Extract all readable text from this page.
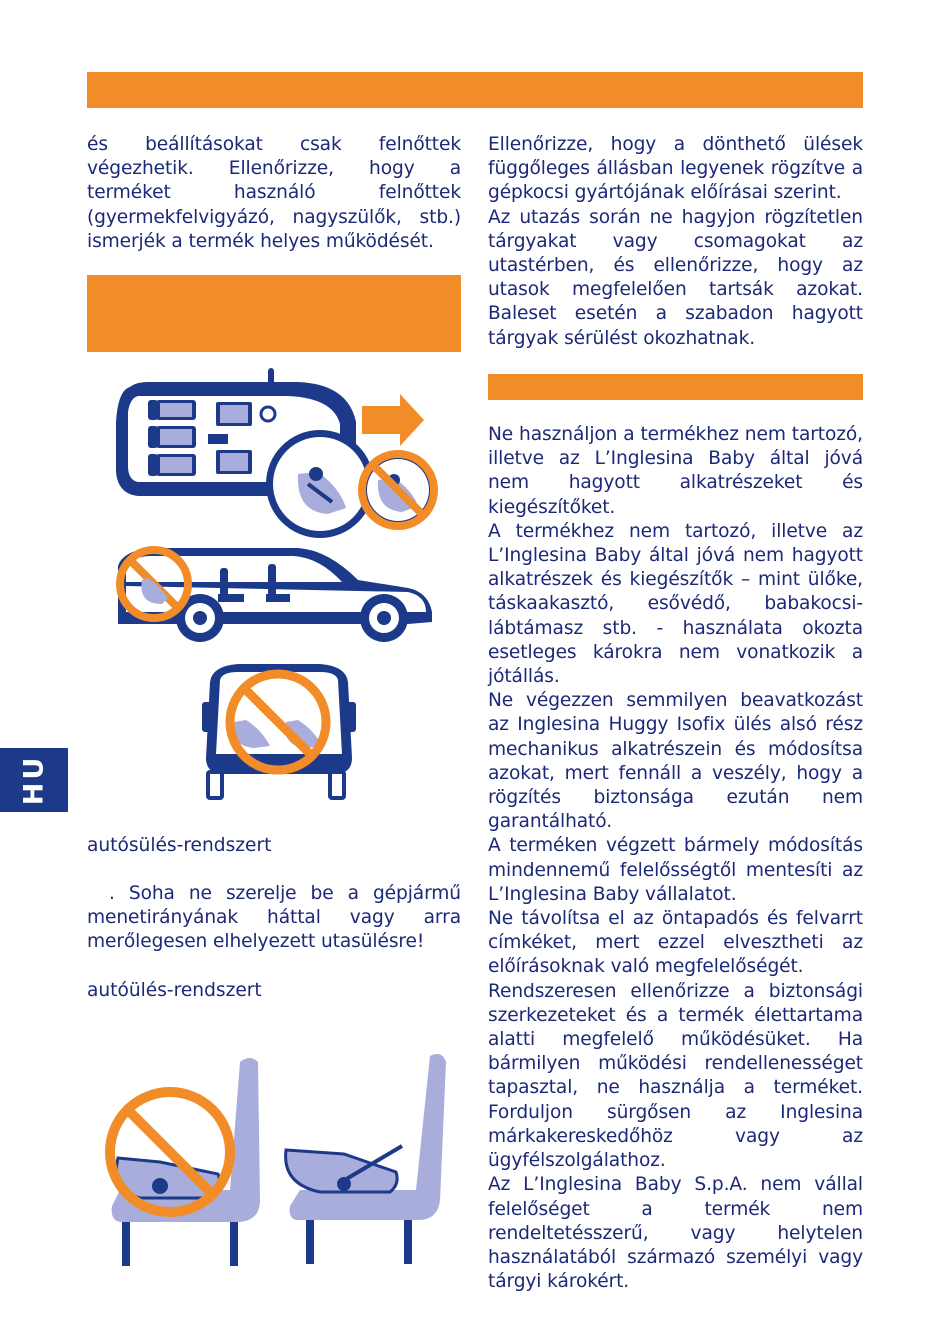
és beállításokat csak felnőttek végezhetik. Ellenőrizze, hogy a terméket használó felnőttek (gyermekfelvigyázó, nagyszülők, stb.) ismerjék a termék helyes működését.

Ellenőrizze, hogy a dönthető ülések függőleges állásban legyenek rögzítve a gépkocsi gyártójának előírásai szerint.

Az utazás során ne hagyjon rögzítetlen tárgyakat vagy csomagokat az utastérben, és ellenőrizze, hogy az utasok megfelelően tartsák azokat. Baleset esetén a szabadon hagyott tárgyak sérülést okozhatnak.

Ne használjon a termékhez nem tartozó, illetve az L’Inglesina Baby által jóvá nem hagyott alkatrészeket és kiegészítőket.

A termékhez nem tartozó, illetve az L’Inglesina Baby által jóvá nem hagyott alkatrészek és kiegészítők – mint ülőke, táskaakasztó, esővédő, babakocsi-lábtámasz stb. - használata okozta esetleges károkra nem vonatkozik a jótállás.

Ne végezzen semmilyen beavatkozást az Inglesina Huggy Isofix ülés alsó rész mechanikus alkatrészein és módosítsa azokat, mert fennáll a veszély, hogy a rögzítés biztonsága ezután nem garantálható.

A terméken végzett bármely módosítás mindennemű felelősségtől mentesíti az L’Inglesina Baby vállalatot.

Ne távolítsa el az öntapadós és felvarrt címkéket, mert ezzel elvesztheti az előírásoknak való megfelelőségét.

Rendszeresen ellenőrizze a biztonsági szerkezeteket és a termék élettartama alatti megfelelő működésüket. Ha bármilyen működési rendellenességet tapasztal, ne használja a terméket. Forduljon sürgősen az Inglesina márkakereskedőhöz vagy az ügyfélszolgálathoz.

Az L’Inglesina Baby S.p.A. nem vállal felelőséget a termék nem rendeltetésszerű, vagy helytelen használatából származó személyi vagy tárgyi károkért.

autósülés-rendszert

. Soha ne szerelje be a gépjármű menetirányának háttal vagy arra merőlegesen elhelyezett utasülésre!

autóülés-rendszert
HU
